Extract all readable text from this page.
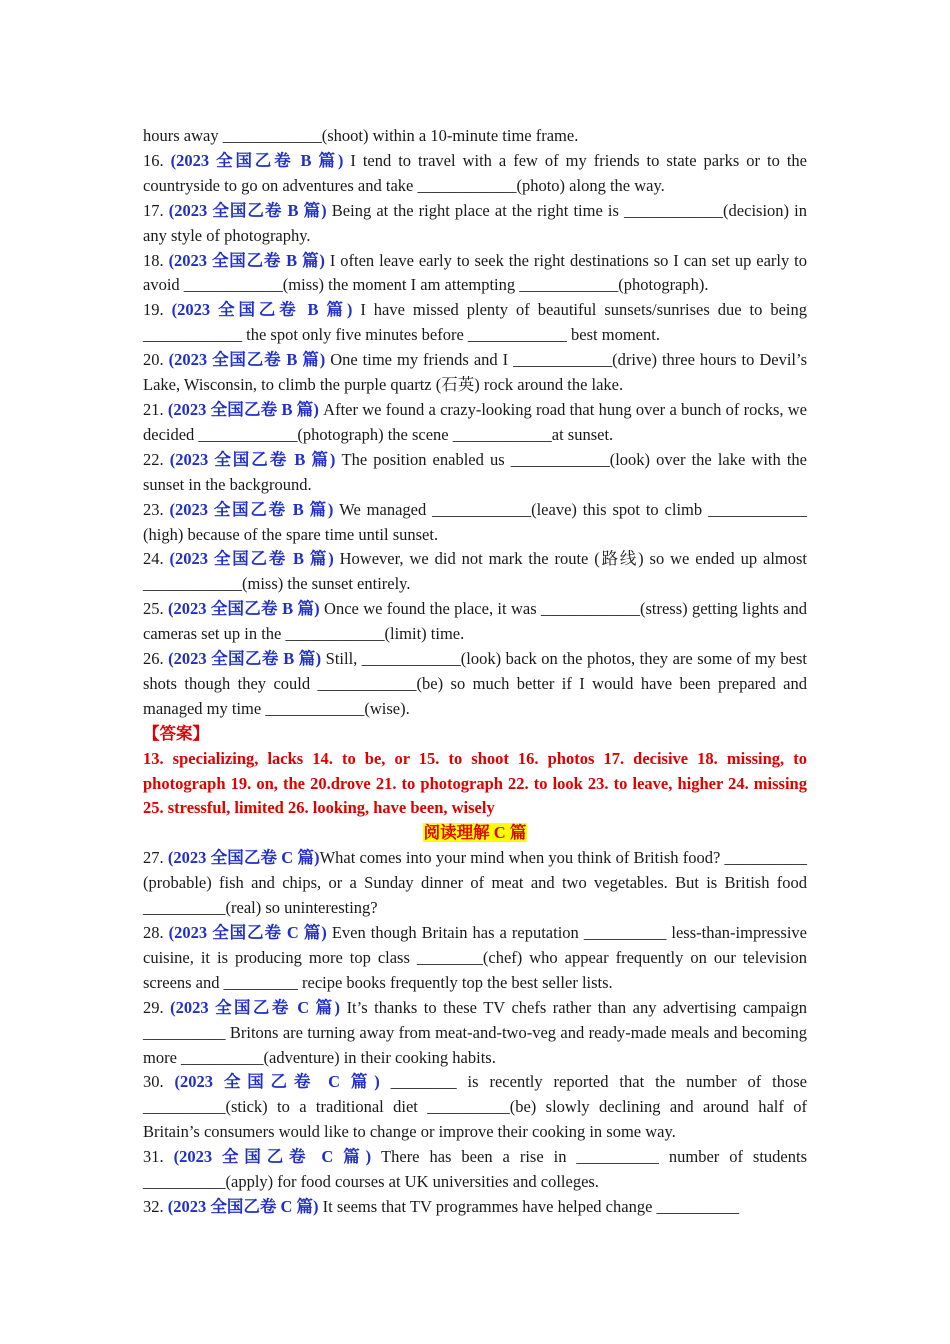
hours away ____________(shoot) within a 10-minute time frame.

16. (2023 全国乙卷 B 篇) I tend to travel with a few of my friends to state parks or to the countryside to go on adventures and take ____________(photo) along the way.

17. (2023 全国乙卷 B 篇) Being at the right place at the right time is ____________(decision) in any style of photography.

18. (2023 全国乙卷 B 篇) I often leave early to seek the right destinations so I can set up early to avoid ____________(miss) the moment I am attempting ____________(photograph).

19. (2023 全国乙卷 B 篇) I have missed plenty of beautiful sunsets/sunrises due to being ____________ the spot only five minutes before ____________ best moment.

20. (2023 全国乙卷 B 篇) One time my friends and I ____________(drive) three hours to Devil’s Lake, Wisconsin, to climb the purple quartz (石英) rock around the lake.

21. (2023 全国乙卷 B 篇) After we found a crazy-looking road that hung over a bunch of rocks, we decided ____________(photograph) the scene ____________at sunset.

22. (2023 全国乙卷 B 篇) The position enabled us ____________(look) over the lake with the sunset in the background.

23. (2023 全国乙卷 B 篇) We managed ____________(leave) this spot to climb ____________ (high) because of the spare time until sunset.

24. (2023 全国乙卷 B 篇) However, we did not mark the route (路线) so we ended up almost ____________(miss) the sunset entirely.

25. (2023 全国乙卷 B 篇) Once we found the place, it was ____________(stress) getting lights and cameras set up in the ____________(limit) time.

26. (2023 全国乙卷 B 篇) Still, ____________(look) back on the photos, they are some of my best shots though they could ____________(be) so much better if I would have been prepared and managed my time ____________(wise).

【答案】

13. specializing, lacks 14. to be, or 15. to shoot 16. photos 17. decisive 18. missing, to photograph 19. on, the 20.drove 21. to photograph 22. to look 23. to leave, higher 24. missing 25. stressful, limited 26. looking, have been, wisely

阅读理解 C 篇

27. (2023 全国乙卷 C 篇)What comes into your mind when you think of British food? __________ (probable) fish and chips, or a Sunday dinner of meat and two vegetables. But is British food __________(real) so uninteresting?

28. (2023 全国乙卷 C 篇) Even though Britain has a reputation __________ less-than-impressive cuisine, it is producing more top class ________(chef) who appear frequently on our television screens and _________ recipe books frequently top the best seller lists.

29. (2023 全国乙卷 C 篇) It’s thanks to these TV chefs rather than any advertising campaign __________ Britons are turning away from meat-and-two-veg and ready-made meals and becoming more __________(adventure) in their cooking habits.

30. (2023 全国乙卷 C 篇) ________ is recently reported that the number of those __________(stick) to a traditional diet __________(be) slowly declining and around half of Britain’s consumers would like to change or improve their cooking in some way.

31. (2023 全国乙卷 C 篇) There has been a rise in __________ number of students __________(apply) for food courses at UK universities and colleges.

32. (2023 全国乙卷 C 篇) It seems that TV programmes have helped change __________
